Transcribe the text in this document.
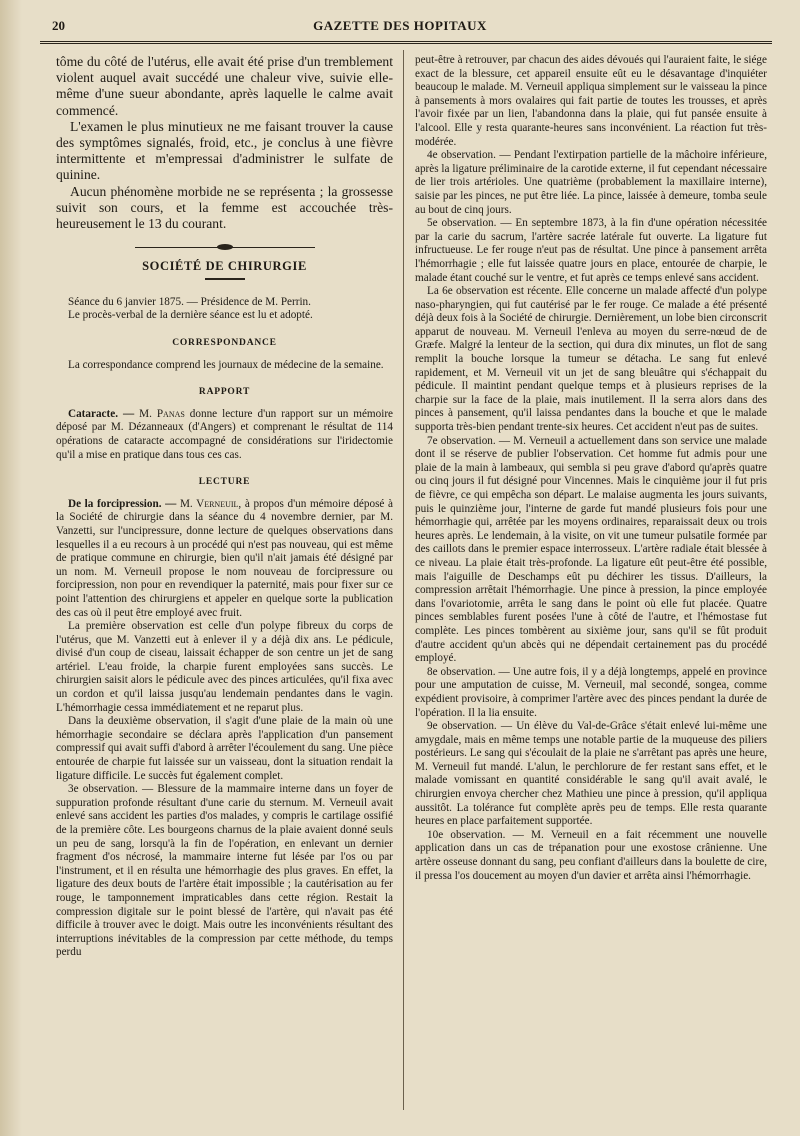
20	GAZETTE DES HOPITAUX

tôme du côté de l'utérus, elle avait été prise d'un tremblement violent auquel avait succédé une chaleur vive, suivie elle-même d'une sueur abondante, après laquelle le calme avait commencé.

L'examen le plus minutieux ne me faisant trouver la cause des symptômes signalés, froid, etc., je conclus à une fièvre intermittente et m'empressai d'administrer le sulfate de quinine.

Aucun phénomène morbide ne se représenta ; la grossesse suivit son cours, et la femme est accouchée très-heureusement le 13 du courant.

SOCIÉTÉ DE CHIRURGIE

Séance du 6 janvier 1875. — Présidence de M. Perrin.

Le procès-verbal de la dernière séance est lu et adopté.

CORRESPONDANCE

La correspondance comprend les journaux de médecine de la semaine.

RAPPORT

Cataracte. — M. Panas donne lecture d'un rapport sur un mémoire déposé par M. Dézanneaux (d'Angers) et comprenant le résultat de 114 opérations de cataracte accompagné de considérations sur l'iridectomie qu'il a mise en pratique dans tous ces cas.

LECTURE

De la forcipression. — M. Verneuil, à propos d'un mémoire déposé à la Société de chirurgie dans la séance du 4 novembre dernier, par M. Vanzetti, sur l'uncipressure, donne lecture de quelques observations dans lesquelles il a eu recours à un procédé qui n'est pas nouveau, qui est même de pratique commune en chirurgie, bien qu'il n'ait jamais été désigné par un nom. M. Verneuil propose le nom nouveau de forcipressure ou forcipression, non pour en revendiquer la paternité, mais pour fixer sur ce point l'attention des chirurgiens et appeler en quelque sorte la publication des cas où il peut être employé avec fruit.

La première observation est celle d'un polype fibreux du corps de l'utérus, que M. Vanzetti eut à enlever il y a déjà dix ans. Le pédicule, divisé d'un coup de ciseau, laissait échapper de son centre un jet de sang artériel. L'eau froide, la charpie furent employées sans succès. Le chirurgien saisit alors le pédicule avec des pinces articulées, qu'il fixa avec un cordon et qu'il laissa jusqu'au lendemain pendantes dans le vagin. L'hémorrhagie cessa immédiatement et ne reparut plus.

Dans la deuxième observation, il s'agit d'une plaie de la main où une hémorrhagie secondaire se déclara après l'application d'un pansement compressif qui avait suffi d'abord à arrêter l'écoulement du sang. Une pièce entourée de charpie fut laissée sur un vaisseau, dont la situation rendait la ligature difficile. Le succès fut également complet.

3e observation. — Blessure de la mammaire interne dans un foyer de suppuration profonde résultant d'une carie du sternum. M. Verneuil avait enlevé sans accident les parties d'os malades, y compris le cartilage ossifié de la première côte. Les bourgeons charnus de la plaie avaient donné seuls un peu de sang, lorsqu'à la fin de l'opération, en enlevant un dernier fragment d'os nécrosé, la mammaire interne fut lésée par l'os ou par l'instrument, et il en résulta une hémorrhagie des plus graves. En effet, la ligature des deux bouts de l'artère était impossible ; la cautérisation au fer rouge, le tamponnement impraticables dans cette région. Restait la compression digitale sur le point blessé de l'artère, qui n'avait pas été difficile à trouver avec le doigt. Mais outre les inconvénients résultant des interruptions inévitables de la compression par cette méthode, du temps perdu

peut-être à retrouver, par chacun des aides dévoués qui l'auraient faite, le siége exact de la blessure, cet appareil ensuite eût eu le désavantage d'inquiéter beaucoup le malade. M. Verneuil appliqua simplement sur le vaisseau la pince à pansements à mors ovalaires qui fait partie de toutes les trousses, et après l'avoir fixée par un lien, l'abandonna dans la plaie, qui fut pansée ensuite à l'alcool. Elle y resta quarante-heures sans inconvénient. La réaction fut très-modérée.

4e observation. — Pendant l'extirpation partielle de la mâchoire inférieure, après la ligature préliminaire de la carotide externe, il fut cependant nécessaire de lier trois artérioles. Une quatrième (probablement la maxillaire interne), saisie par les pinces, ne put être liée. La pince, laissée à demeure, tomba seule au bout de cinq jours.

5e observation. — En septembre 1873, à la fin d'une opération nécessitée par la carie du sacrum, l'artère sacrée latérale fut ouverte. La ligature fut infructueuse. Le fer rouge n'eut pas de résultat. Une pince à pansement arrêta l'hémorrhagie ; elle fut laissée quatre jours en place, entourée de charpie, le malade étant couché sur le ventre, et fut après ce temps enlevé sans accident.

La 6e observation est récente. Elle concerne un malade affecté d'un polype naso-pharyngien, qui fut cautérisé par le fer rouge. Ce malade a été présenté déjà deux fois à la Société de chirurgie. Dernièrement, un lobe bien circonscrit apparut de nouveau. M. Verneuil l'enleva au moyen du serre-nœud de de Græfe. Malgré la lenteur de la section, qui dura dix minutes, un flot de sang remplit la bouche lorsque la tumeur se détacha. Le sang fut enlevé rapidement, et M. Verneuil vit un jet de sang bleuâtre qui s'échappait du pédicule. Il maintint pendant quelque temps et à plusieurs reprises de la charpie sur la face de la plaie, mais inutilement. Il la serra alors dans des pinces à pansement, qu'il laissa pendantes dans la bouche et que le malade supporta très-bien pendant trente-six heures. Cet accident n'eut pas de suites.

7e observation. — M. Verneuil a actuellement dans son service une malade dont il se réserve de publier l'observation. Cet homme fut admis pour une plaie de la main à lambeaux, qui sembla si peu grave d'abord qu'après quatre ou cinq jours il fut désigné pour Vincennes. Mais le cinquième jour il fut pris de fièvre, ce qui empêcha son départ. Le malaise augmenta les jours suivants, puis le quinzième jour, l'interne de garde fut mandé plusieurs fois pour une hémorrhagie qui, arrêtée par les moyens ordinaires, reparaissait deux ou trois heures après. Le lendemain, à la visite, on vit une tumeur pulsatile formée par des caillots dans le premier espace interrosseux. L'artère radiale était blessée à ce niveau. La plaie était très-profonde. La ligature eût peut-être été possible, mais l'aiguille de Deschamps eût pu déchirer les tissus. D'ailleurs, la compression arrêtait l'hémorrhagie. Une pince à pression, la pince employée dans l'ovariotomie, arrêta le sang dans le point où elle fut placée. Quatre pinces semblables furent posées l'une à côté de l'autre, et l'hémostase fut complète. Les pinces tombèrent au sixième jour, sans qu'il se fût produit d'autre accident qu'un abcès qui ne dépendait certainement pas du procédé employé.

8e observation. — Une autre fois, il y a déjà longtemps, appelé en province pour une amputation de cuisse, M. Verneuil, mal secondé, songea, comme expédient provisoire, à comprimer l'artère avec des pinces pendant la durée de l'opération. Il la lia ensuite.

9e observation. — Un élève du Val-de-Grâce s'était enlevé lui-même une amygdale, mais en même temps une notable partie de la muqueuse des piliers postérieurs. Le sang qui s'écoulait de la plaie ne s'arrêtant pas après une heure, M. Verneuil fut mandé. L'alun, le perchlorure de fer restant sans effet, et le malade vomissant en quantité considérable le sang qu'il avait avalé, le chirurgien envoya chercher chez Mathieu une pince à pression, qu'il appliqua aussitôt. La tolérance fut complète après peu de temps. Elle resta quarante heures en place parfaitement supportée.

10e observation. — M. Verneuil en a fait récemment une nouvelle application dans un cas de trépanation pour une exostose crânienne. Une artère osseuse donnant du sang, peu confiant d'ailleurs dans la boulette de cire, il pressa l'os doucement au moyen d'un davier et arrêta ainsi l'hémorrhagie.
